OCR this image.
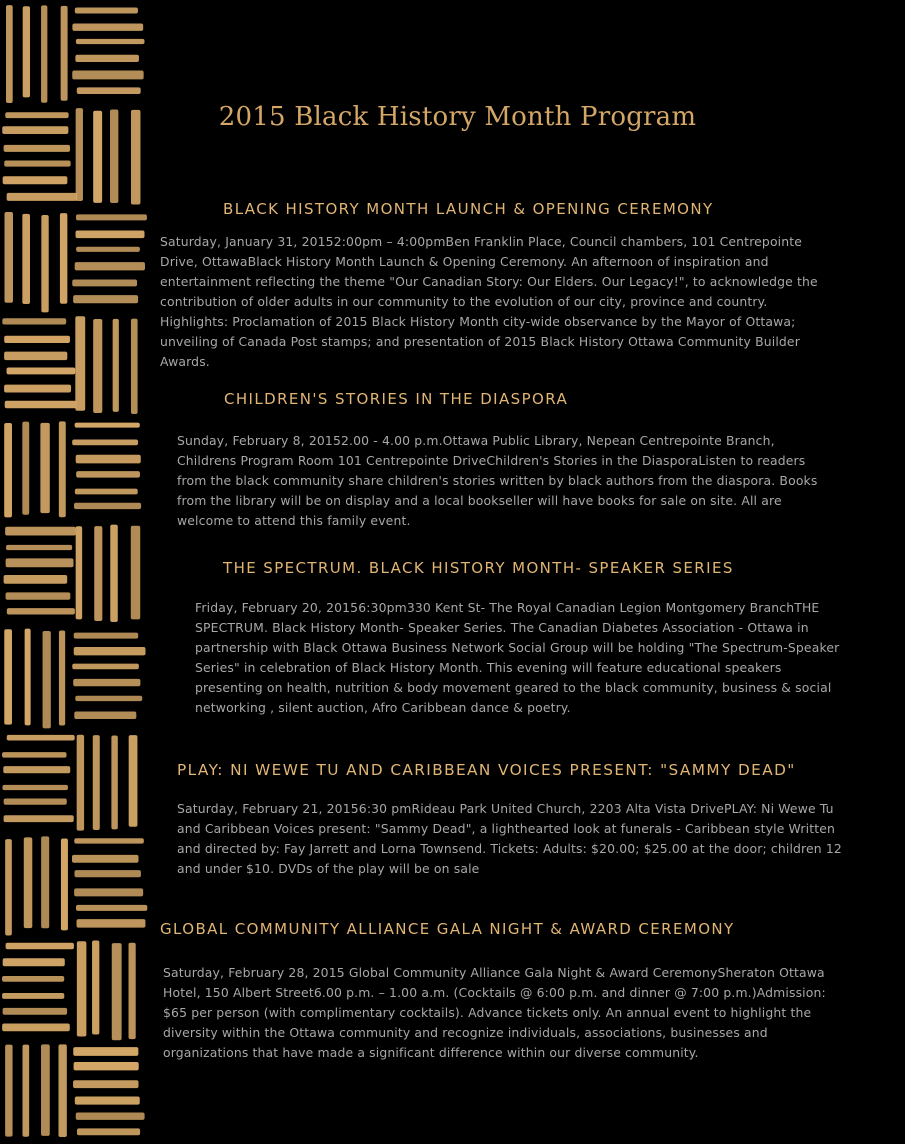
2015 Black History Month Program
BLACK HISTORY MONTH LAUNCH & OPENING CEREMONY
Saturday, January 31, 20152:00pm – 4:00pmBen Franklin Place, Council chambers, 101 Centrepointe Drive, OttawaBlack History Month Launch & Opening Ceremony. An afternoon of inspiration and entertainment reflecting the theme "Our Canadian Story: Our Elders. Our Legacy!", to acknowledge the contribution of older adults in our community to the evolution of our city, province and country. Highlights: Proclamation of 2015 Black History Month city-wide observance by the Mayor of Ottawa; unveiling of Canada Post stamps; and presentation of 2015 Black History Ottawa Community Builder Awards.
CHILDREN'S STORIES IN THE DIASPORA
Sunday, February 8, 20152.00 - 4.00 p.m.Ottawa Public Library, Nepean Centrepointe Branch, Childrens Program Room 101 Centrepointe DriveChildren's Stories in the DiasporaListen to readers from the black community share children's stories written by black authors from the diaspora. Books from the library will be on display and a local bookseller will have books for sale on site. All are welcome to attend this family event.
THE SPECTRUM. BLACK HISTORY MONTH- SPEAKER SERIES
Friday, February 20, 20156:30pm330 Kent St- The Royal Canadian Legion Montgomery BranchTHE SPECTRUM. Black History Month- Speaker Series. The Canadian Diabetes Association - Ottawa in partnership with Black Ottawa Business Network Social Group will be holding "The Spectrum-Speaker Series" in celebration of Black History Month. This evening will feature educational speakers presenting on health, nutrition & body movement geared to the black community, business & social networking , silent auction, Afro Caribbean dance & poetry.
PLAY: NI WEWE TU AND CARIBBEAN VOICES PRESENT: "SAMMY DEAD"
Saturday, February 21, 20156:30 pmRideau Park United Church, 2203 Alta Vista DrivePLAY: Ni Wewe Tu and Caribbean Voices present: "Sammy Dead", a lighthearted look at funerals - Caribbean style Written and directed by: Fay Jarrett and Lorna Townsend. Tickets: Adults: $20.00; $25.00 at the door; children 12 and under $10. DVDs of the play will be on sale
GLOBAL COMMUNITY ALLIANCE GALA NIGHT & AWARD CEREMONY
Saturday, February 28, 2015 Global Community Alliance Gala Night & Award CeremonySheraton Ottawa Hotel, 150 Albert Street6.00 p.m. – 1.00 a.m. (Cocktails @ 6:00 p.m. and dinner @ 7:00 p.m.)Admission: $65 per person (with complimentary cocktails). Advance tickets only. An annual event to highlight the diversity within the Ottawa community and recognize individuals, associations, businesses and organizations that have made a significant difference within our diverse community.
